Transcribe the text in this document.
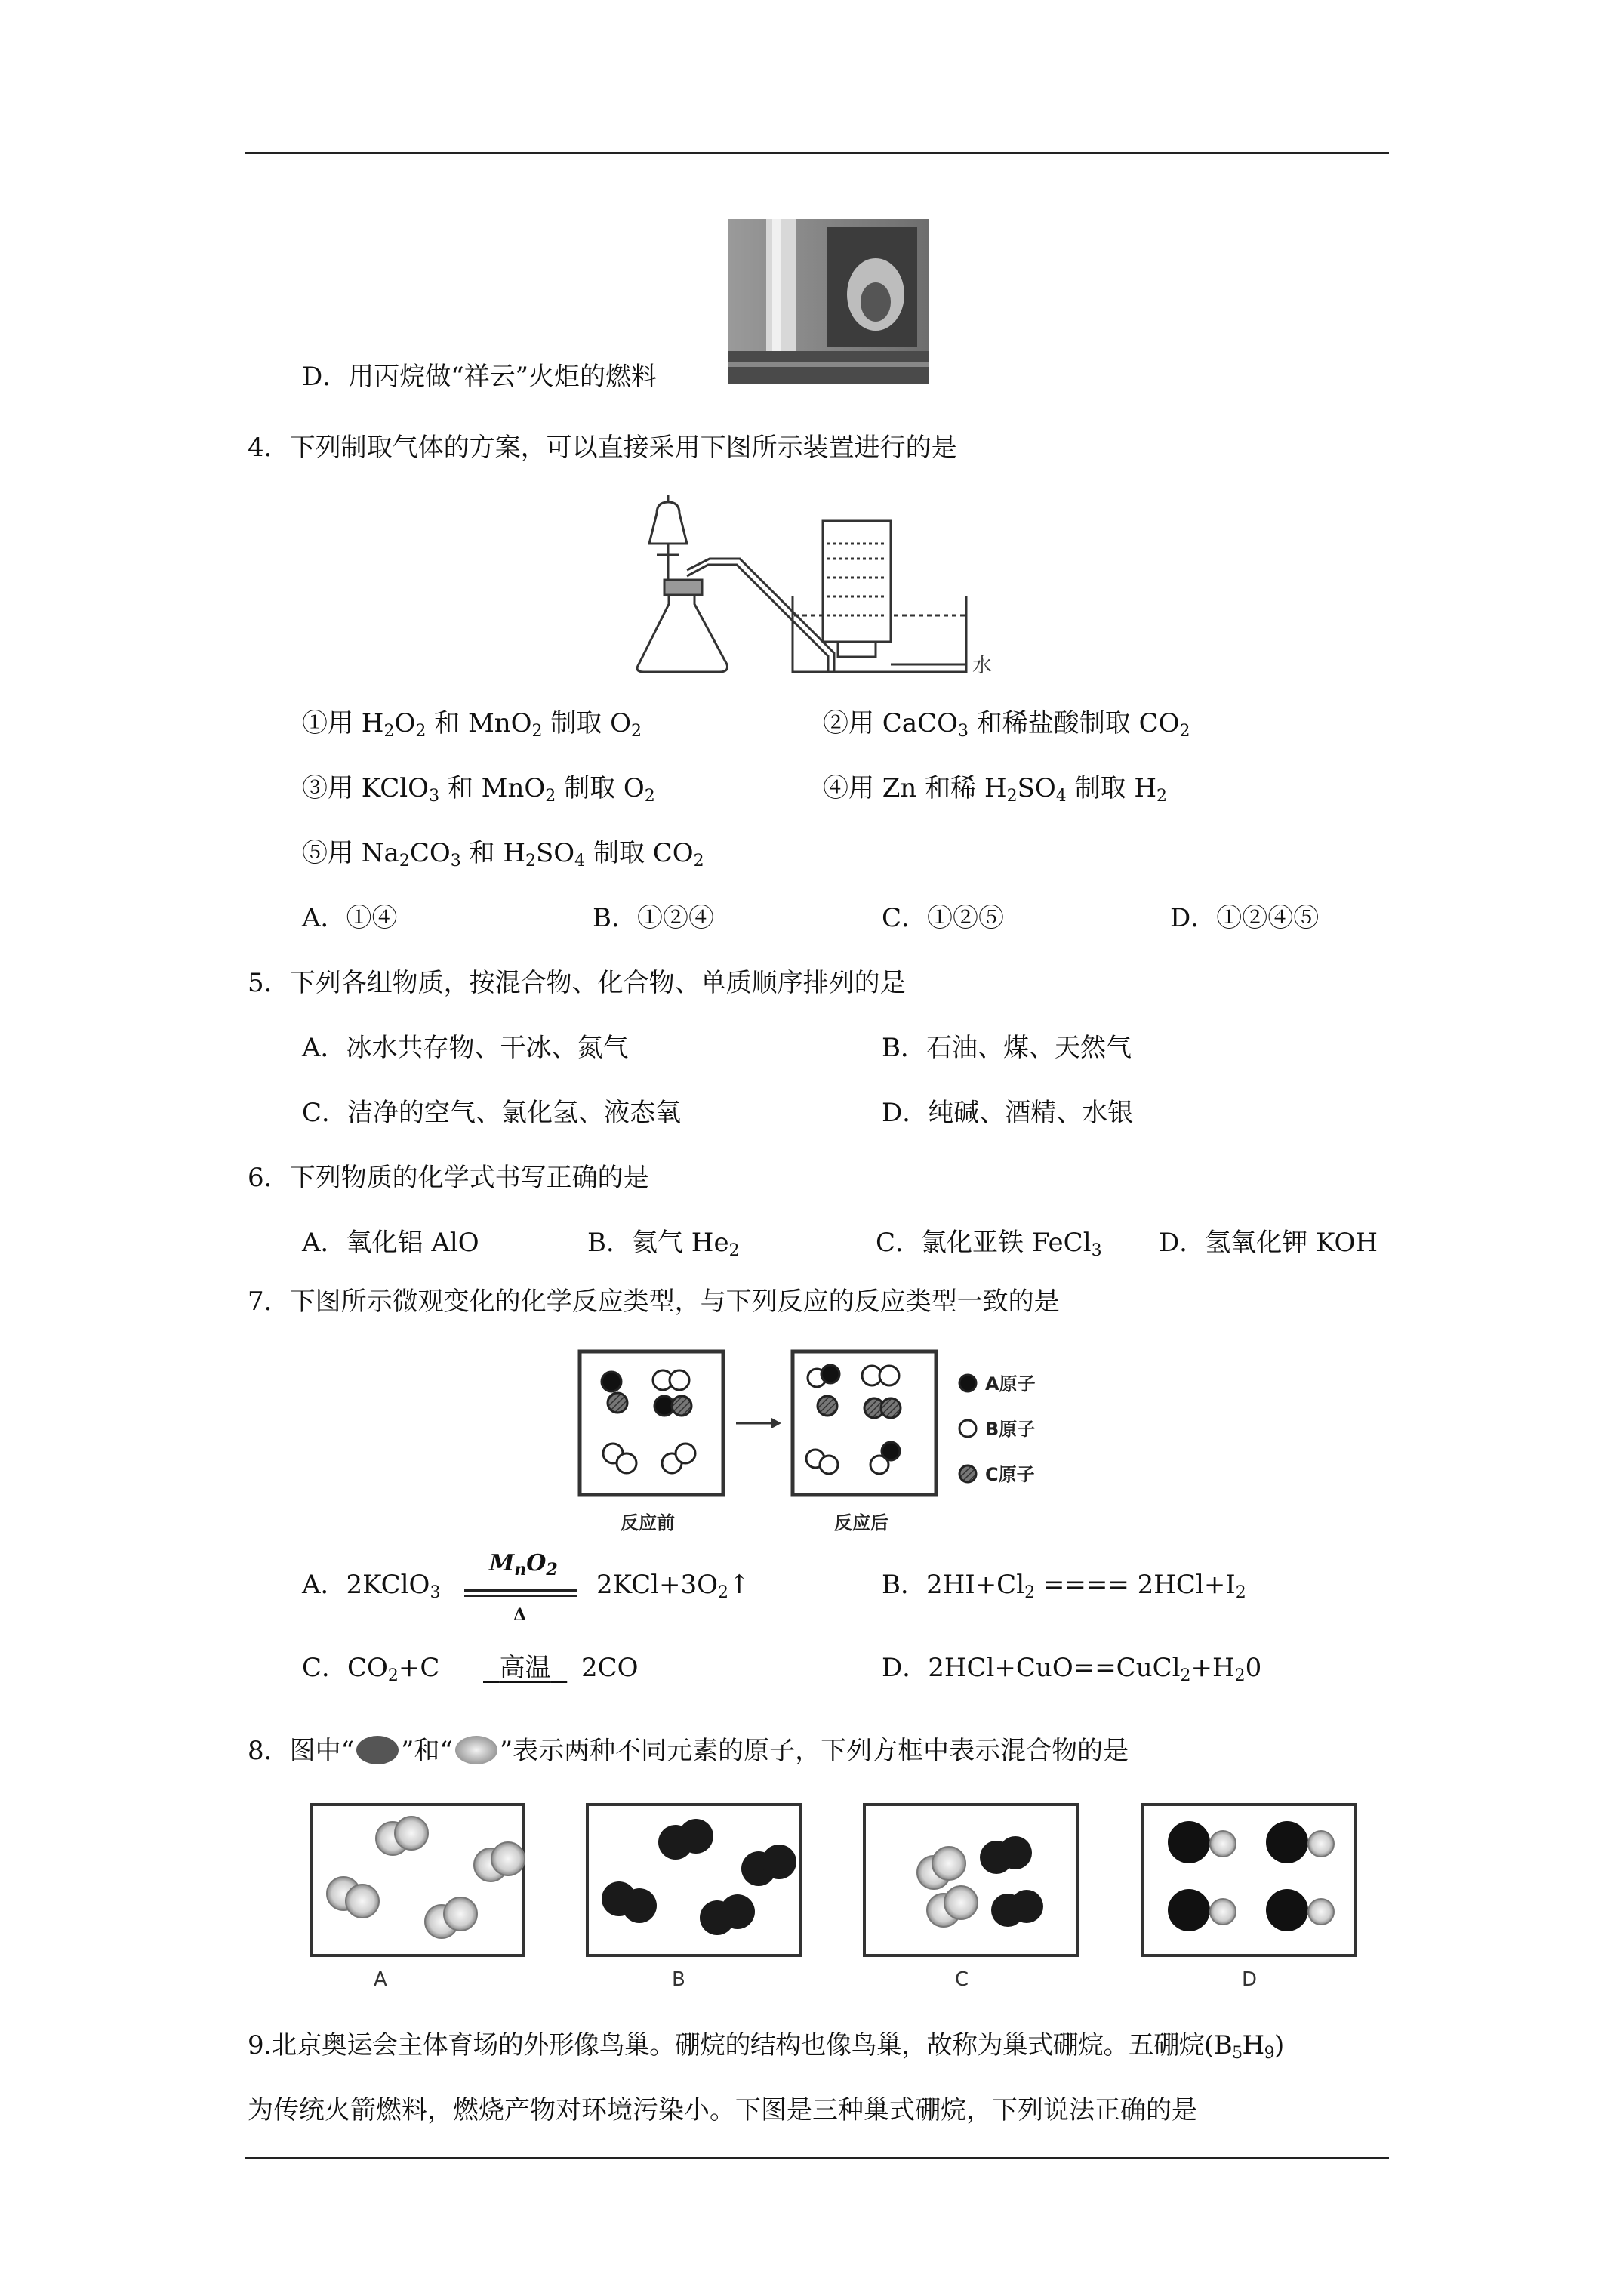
D．用丙烷做“祥云”火炬的燃料
4．下列制取气体的方案，可以直接采用下图所示装置进行的是
水
①用 $H_2O_2$ 和 MnO$_2$ 制取 $O_2$	②用 CaCO$_3$ 和稀盐酸制取 $CO_2$
③用 KClO$_3$ 和 MnO$_2$ 制取 $O_2$	④用 Zn 和稀 $H_2SO_4$ 制取 $H_2$
⑤用 $Na_2CO_3$ 和 $H_2SO_4$ 制取 $CO_2$
A．①④	B．①②④	C．①②⑤	D．①②④⑤
5．下列各组物质，按混合物、化合物、单质顺序排列的是
A．冰水共存物、干冰、氮气	B．石油、煤、天然气
C．洁净的空气、氯化氢、液态氧	D．纯碱、酒精、水银
6．下列物质的化学式书写正确的是
A．氧化铝 AlO	B．氦气 $He_2$	C．氯化亚铁 FeCl$_3$ D．氢氧化钾 KOH
7．下图所示微观变化的化学反应类型，与下列反应的反应类型一致的是
A原子
B原子
C原子
反应前	反应后
A．2KClO$_3$
$M_nO_2$
Δ
$2KCl+3O_2↑$	B．$2HI+Cl_2$ ==== $2HCl+I_2$
C．$CO_2+C$	高温	2CO	D．$2HCl+CuO==CuCl_2+H_20$
8．图中“ ”和“ ”表示两种不同元素的原子，下列方框中表示混合物的是
A	B	C	D
9.北京奥运会主体育场的外形像鸟巢。硼烷的结构也像鸟巢，故称为巢式硼烷。五硼烷$(B_5H_9)$
为传统火箭燃料，燃烧产物对环境污染小。下图是三种巢式硼烷，下列说法正确的是
